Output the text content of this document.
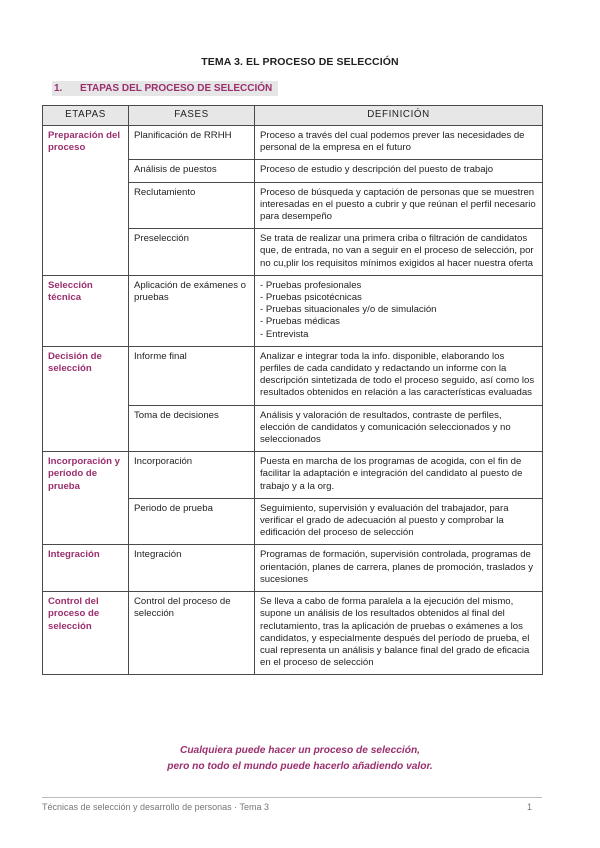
TEMA 3. EL PROCESO DE SELECCIÓN
1. ETAPAS DEL PROCESO DE SELECCIÓN
ETAPAS	FASES	DEFINICIÓN
Preparación del proceso	Planificación de RRHH	Proceso a través del cual podemos prever las necesidades de personal de la empresa en el futuro
	Análisis de puestos	Proceso de estudio y descripción del puesto de trabajo
	Reclutamiento	Proceso de búsqueda y captación de personas que se muestren interesadas en el puesto a cubrir y que reúnan el perfil necesario para desempeño
	Preselección	Se trata de realizar una primera criba o filtración de candidatos que, de entrada, no van a seguir en el proceso de selección, por no cu,plir los requisitos mínimos exigidos al hacer nuestra oferta
Selección técnica	Aplicación de exámenes o pruebas	- Pruebas profesionales
- Pruebas psicotécnicas
- Pruebas situacionales y/o de simulación
- Pruebas médicas
- Entrevista

Decisión de selección	Informe final	Analizar e integrar toda la info. disponible, elaborando los perfiles de cada candidato y redactando un informe con la descripción sintetizada de todo el proceso seguido, así como los resultados obtenidos en relación a las características evaluadas
	Toma de decisiones	Análisis y valoración de resultados, contraste de perfiles, elección de candidatos y comunicación seleccionados y no seleccionados
Incorporación y período de prueba	Incorporación	Puesta en marcha de los programas de acogida, con el fin de facilitar la adaptación e integración del candidato al puesto de trabajo y a la org.
	Periodo de prueba	Seguimiento, supervisión y evaluación del trabajador, para verificar el grado de adecuación al puesto y comprobar la edificación del proceso de selección
Integración	Integración	Programas de formación, supervisión controlada, programas de orientación, planes de carrera, planes de promoción, traslados y sucesiones
Control del proceso de selección	Control del proceso de selección	Se lleva a cabo de forma paralela a la ejecución del mismo, supone un análisis de los resultados obtenidos al final del reclutamiento, tras la aplicación de pruebas o exámenes a los candidatos, y especialmente después del período de prueba, el cual representa un análisis y balance final del grado de eficacia en el proceso de selección
Cualquiera puede hacer un proceso de selección,
pero no todo el mundo puede hacerlo añadiendo valor.
Técnicas de selección y desarrollo de personas · Tema 3	1
